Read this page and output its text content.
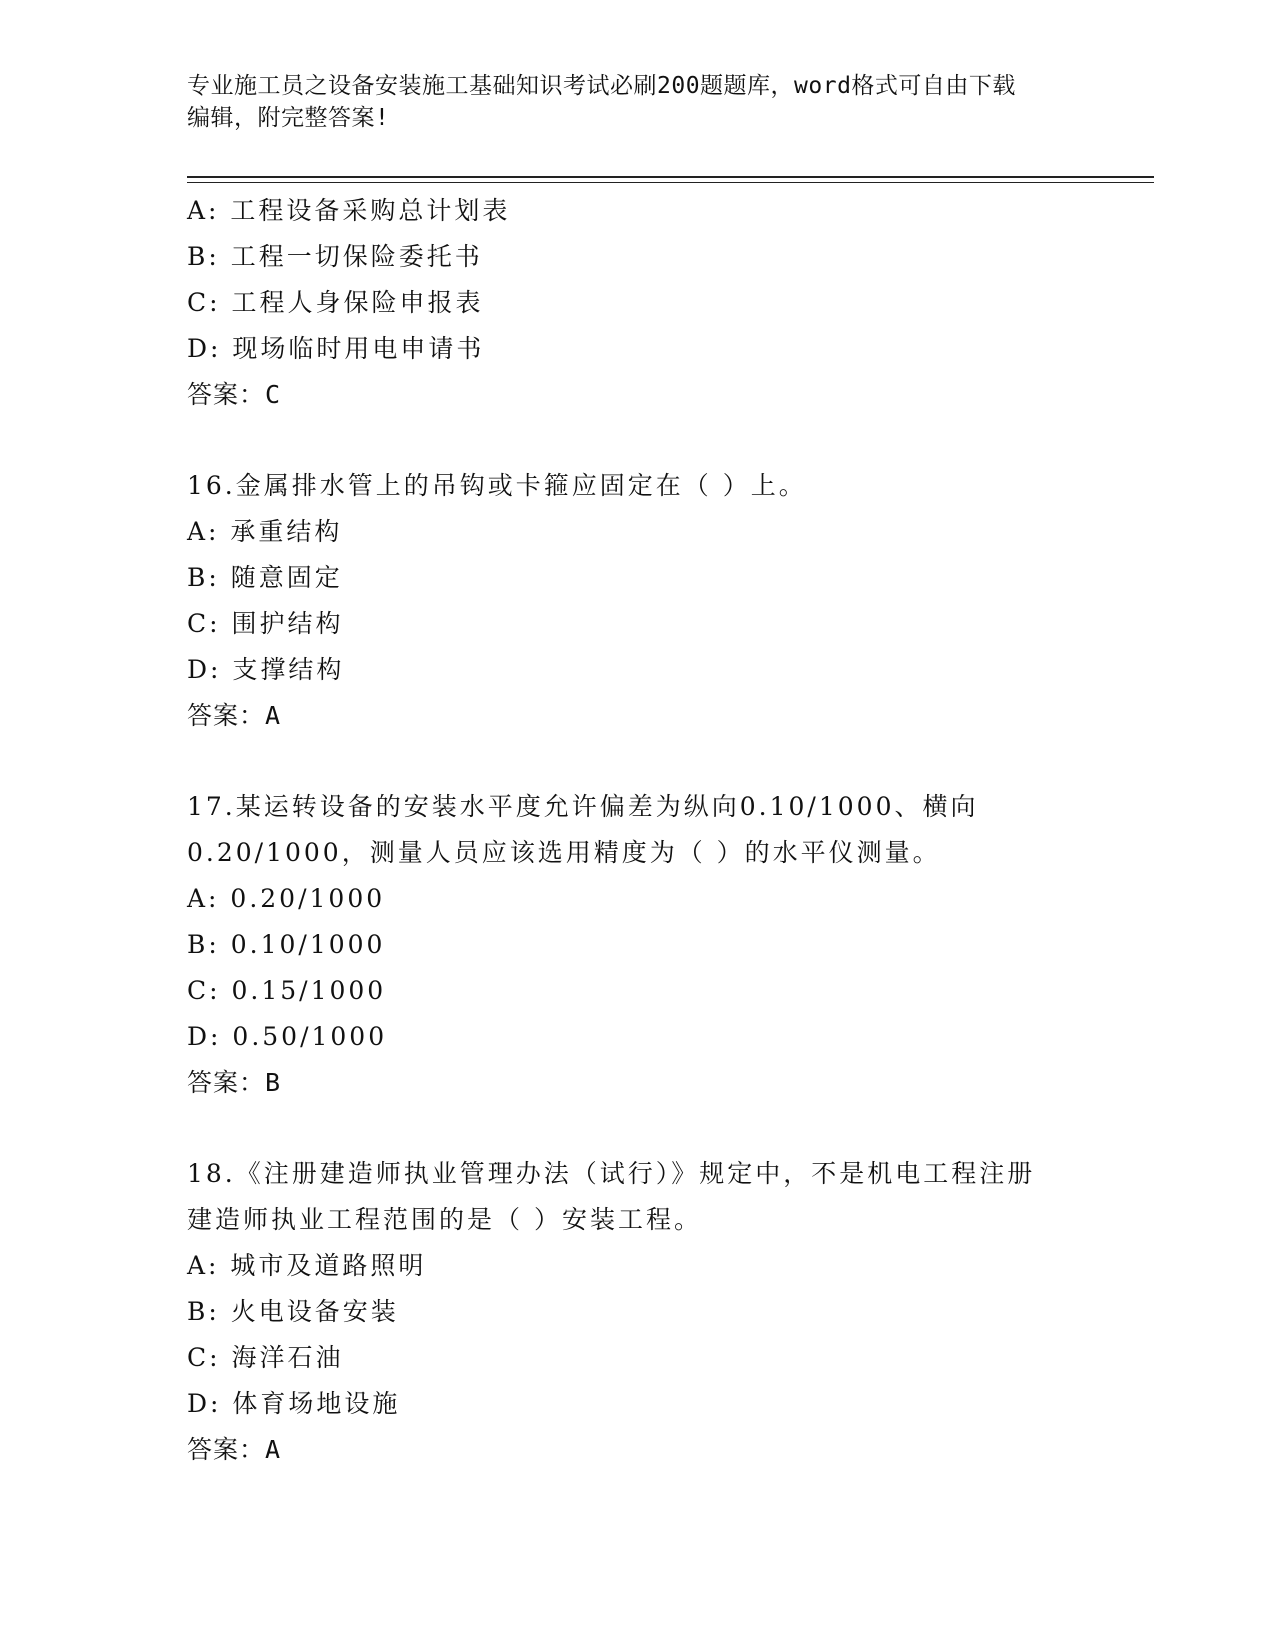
专业施工员之设备安装施工基础知识考试必刷200题题库，word格式可自由下载
编辑，附完整答案!
A: 工程设备采购总计划表
B: 工程一切保险委托书
C: 工程人身保险申报表
D: 现场临时用电申请书
答案：C
16.金属排水管上的吊钩或卡箍应固定在（ ）上。
A: 承重结构
B: 随意固定
C: 围护结构
D: 支撑结构
答案：A
17.某运转设备的安装水平度允许偏差为纵向0.10/1000、横向
0.20/1000，测量人员应该选用精度为（ ）的水平仪测量。
A: 0.20/1000
B: 0.10/1000
C: 0.15/1000
D: 0.50/1000
答案：B
18.《注册建造师执业管理办法（试行）》规定中，不是机电工程注册
建造师执业工程范围的是（ ）安装工程。
A: 城市及道路照明
B: 火电设备安装
C: 海洋石油
D: 体育场地设施
答案：A
